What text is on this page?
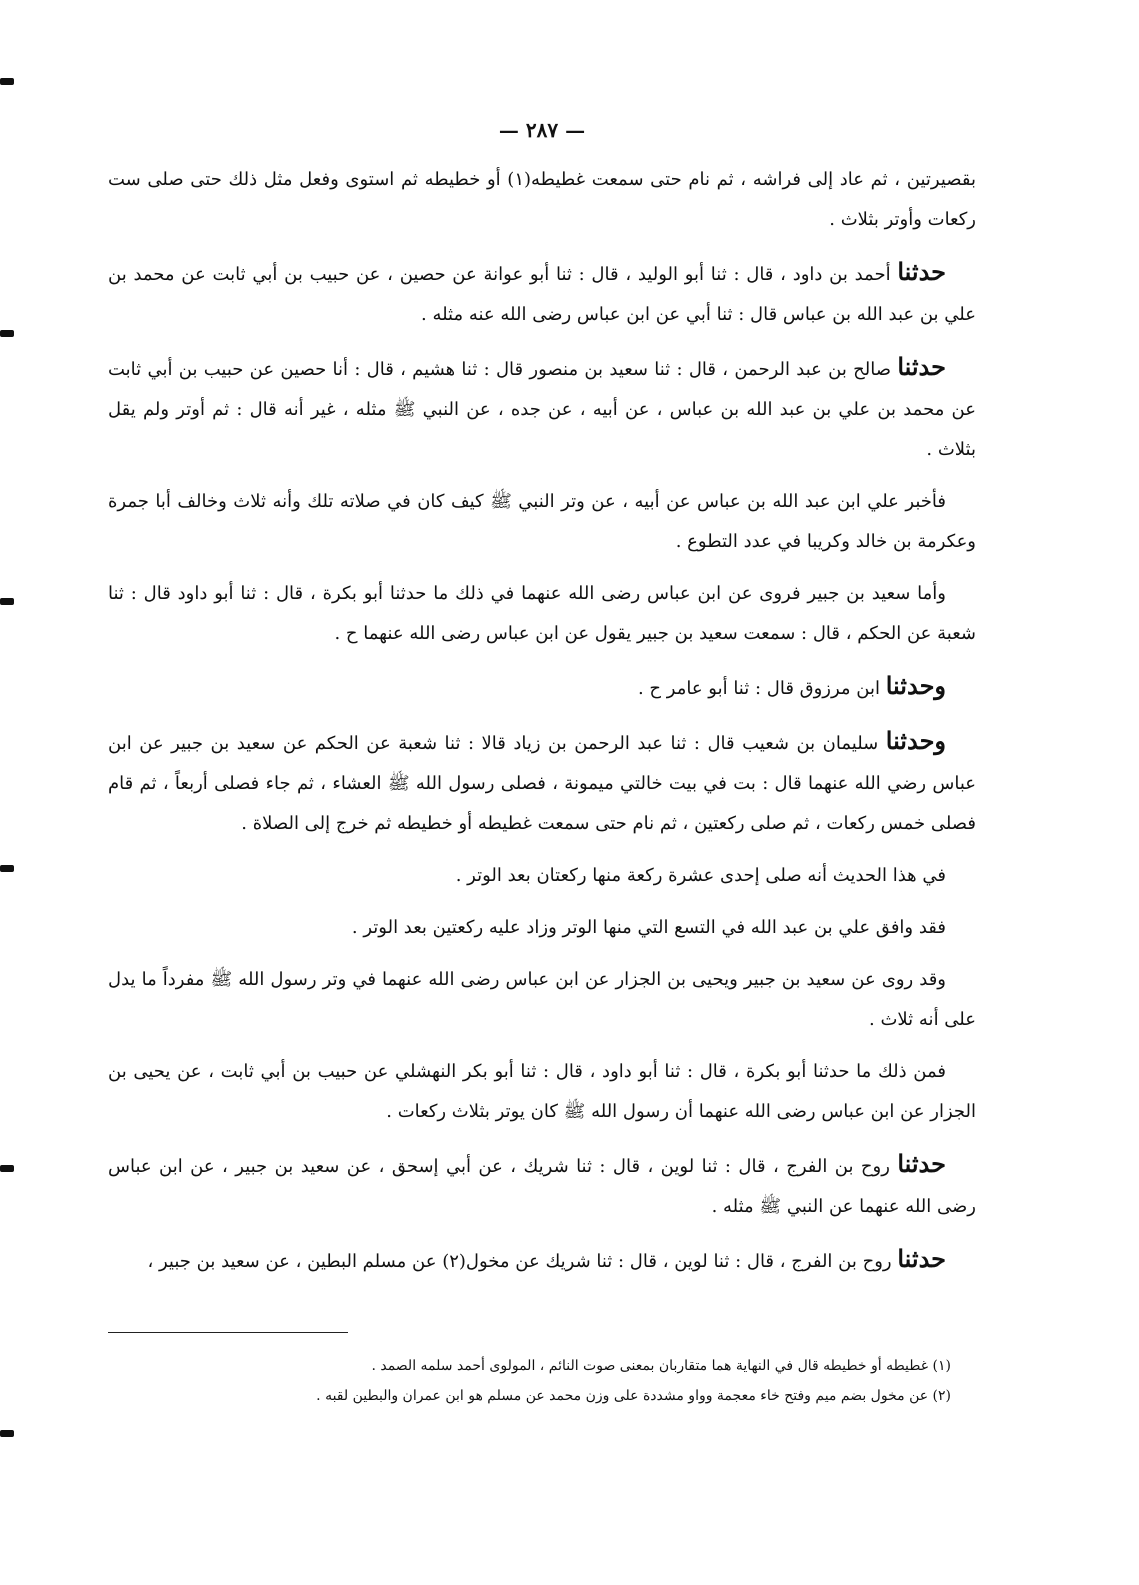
— ٢٨٧ —

بقصيرتين ، ثم عاد إلى فراشه ، ثم نام حتى سمعت غطيطه(١) أو خطيطه ثم استوى وفعل مثل ذلك حتى صلى ست ركعات وأوتر بثلاث .

حدثنا أحمد بن داود ، قال : ثنا أبو الوليد ، قال : ثنا أبو عوانة عن حصين ، عن حبيب بن أبي ثابت عن محمد بن علي بن عبد الله بن عباس قال : ثنا أبي عن ابن عباس رضى الله عنه مثله .

حدثنا صالح بن عبد الرحمن ، قال : ثنا سعيد بن منصور قال : ثنا هشيم ، قال : أنا حصين عن حبيب بن أبي ثابت عن محمد بن علي بن عبد الله بن عباس ، عن أبيه ، عن جده ، عن النبي ﷺ مثله ، غير أنه قال : ثم أوتر ولم يقل بثلاث .

فأخبر علي ابن عبد الله بن عباس عن أبيه ، عن وتر النبي ﷺ كيف كان في صلاته تلك وأنه ثلاث وخالف أبا جمرة وعكرمة بن خالد وكريبا في عدد التطوع .

وأما سعيد بن جبير فروى عن ابن عباس رضى الله عنهما في ذلك ما حدثنا أبو بكرة ، قال : ثنا أبو داود قال : ثنا شعبة عن الحكم ، قال : سمعت سعيد بن جبير يقول عن ابن عباس رضى الله عنهما ح .

وحدثنا ابن مرزوق قال : ثنا أبو عامر ح .

وحدثنا سليمان بن شعيب قال : ثنا عبد الرحمن بن زياد قالا : ثنا شعبة عن الحكم عن سعيد بن جبير عن ابن عباس رضي الله عنهما قال : بت في بيت خالتي ميمونة ، فصلى رسول الله ﷺ العشاء ، ثم جاء فصلى أربعاً ، ثم قام فصلى خمس ركعات ، ثم صلى ركعتين ، ثم نام حتى سمعت غطيطه أو خطيطه ثم خرج إلى الصلاة .

في هذا الحديث أنه صلى إحدى عشرة ركعة منها ركعتان بعد الوتر .

فقد وافق علي بن عبد الله في التسع التي منها الوتر وزاد عليه ركعتين بعد الوتر .

وقد روى عن سعيد بن جبير ويحيى بن الجزار عن ابن عباس رضى الله عنهما في وتر رسول الله ﷺ مفرداً ما يدل على أنه ثلاث .

فمن ذلك ما حدثنا أبو بكرة ، قال : ثنا أبو داود ، قال : ثنا أبو بكر النهشلي عن حبيب بن أبي ثابت ، عن يحيى بن الجزار عن ابن عباس رضى الله عنهما أن رسول الله ﷺ كان يوتر بثلاث ركعات .

حدثنا روح بن الفرج ، قال : ثنا لوين ، قال : ثنا شريك ، عن أبي إسحق ، عن سعيد بن جبير ، عن ابن عباس رضى الله عنهما عن النبي ﷺ مثله .

حدثنا روح بن الفرج ، قال : ثنا لوين ، قال : ثنا شريك عن مخول(٢) عن مسلم البطين ، عن سعيد بن جبير ،

(١) غطيطه أو خطيطه قال في النهاية هما متقاربان بمعنى صوت النائم ، المولوى أحمد سلمه الصمد .

(٢) عن مخول بضم ميم وفتح خاء معجمة وواو مشددة على وزن محمد عن مسلم هو ابن عمران والبطين لقبه .
